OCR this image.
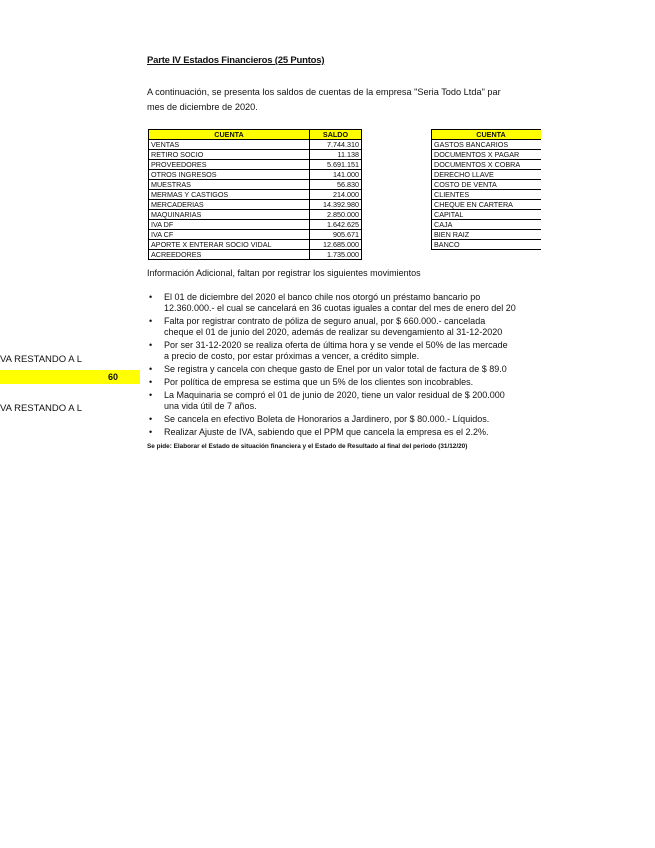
Parte IV Estados Financieros (25 Puntos)
A continuación, se presenta los saldos de cuentas de la empresa "Seria Todo Ltda" par
mes de diciembre de 2020.
CUENTA	SALDO
VENTAS	7.744.310
RETIRO SOCIO	11.138
PROVEEDORES	5.691.151
OTROS INGRESOS	141.000
MUESTRAS	56.830
MERMAS Y CASTIGOS	214.000
MERCADERIAS	14.392.980
MAQUINARIAS	2.850.000
IVA DF	1.642.625
IVA CF	905.671
APORTE X ENTERAR SOCIO VIDAL	12.685.000
ACREEDORES	1.735.000
CUENTA
GASTOS BANCARIOS
DOCUMENTOS X PAGAR
DOCUMENTOS X COBRA
DERECHO LLAVE
COSTO DE VENTA
CLIENTES
CHEQUE EN CARTERA
CAPITAL
CAJA
BIEN RAIZ
BANCO
Información Adicional, faltan por registrar los siguientes movimientos
• El 01 de diciembre del 2020 el banco chile nos otorgó un préstamo bancario po
12.360.000.- el cual se cancelará en 36 cuotas iguales a contar del mes de enero del 20
• Falta por registrar contrato de póliza de seguro anual, por $ 660.000.- cancelada
cheque el 01 de junio del 2020, además de realizar su devengamiento al 31-12-2020
• Por ser 31-12-2020 se realiza oferta de última hora y se vende el 50% de las mercade
a precio de costo, por estar próximas a vencer, a crédito simple.
• Se registra y cancela con cheque gasto de Enel por un valor total de factura de $ 89.0
• Por política de empresa se estima que un 5% de los clientes son incobrables.
• La Maquinaria se compró el 01 de junio de 2020, tiene un valor residual de $ 200.000
una vida útil de 7 años.
• Se cancela en efectivo Boleta de Honorarios a Jardinero, por $ 80.000.- Líquidos.
• Realizar Ajuste de IVA, sabiendo que el PPM que cancela la empresa es el 2.2%.
Se pide: Elaborar el Estado de situación financiera y el Estado de Resultado al final del periodo (31/12/20)
VA RESTANDO A L
60
VA RESTANDO A L
